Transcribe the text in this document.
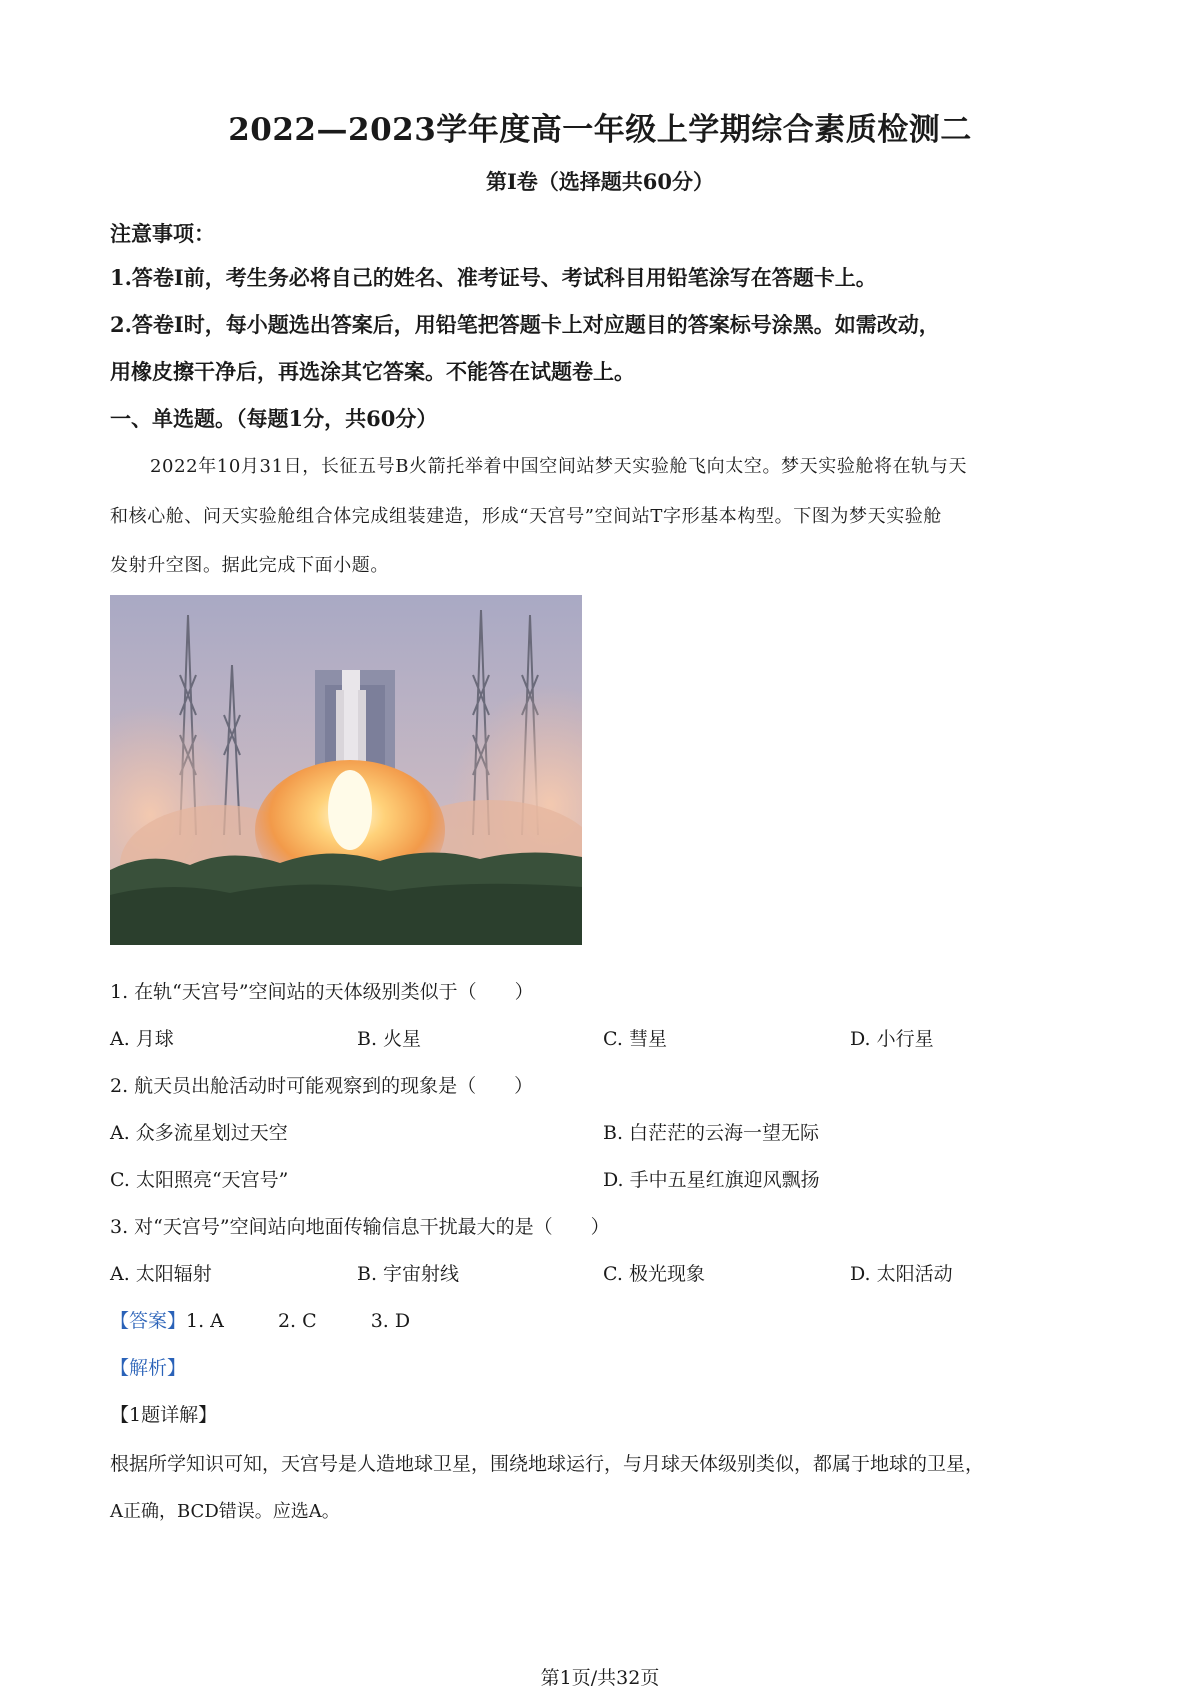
2022—2023学年度高一年级上学期综合素质检测二
第Ⅰ卷（选择题共60分）
注意事项：
1.答卷Ⅰ前，考生务必将自己的姓名、准考证号、考试科目用铅笔涂写在答题卡上。
2.答卷Ⅰ时，每小题选出答案后，用铅笔把答题卡上对应题目的答案标号涂黑。如需改动，
用橡皮擦干净后，再选涂其它答案。不能答在试题卷上。
一、单选题。（每题1分，共60分）
2022年10月31日，长征五号B火箭托举着中国空间站梦天实验舱飞向太空。梦天实验舱将在轨与天
和核心舱、问天实验舱组合体完成组装建造，形成“天宫号”空间站T字形基本构型。下图为梦天实验舱
发射升空图。据此完成下面小题。
1. 在轨“天宫号”空间站的天体级别类似于（　　）
A. 月球	B. 火星	C. 彗星	D. 小行星
2. 航天员出舱活动时可能观察到的现象是（　　）
A. 众多流星划过天空	B. 白茫茫的云海一望无际
C. 太阳照亮“天宫号”	D. 手中五星红旗迎风飘扬
3. 对“天宫号”空间站向地面传输信息干扰最大的是（　　）
A. 太阳辐射	B. 宇宙射线	C. 极光现象	D. 太阳活动
【答案】1. A	2. C	3. D
【解析】
【1题详解】
根据所学知识可知，天宫号是人造地球卫星，围绕地球运行，与月球天体级别类似，都属于地球的卫星，
A正确，BCD错误。应选A。
第1页/共32页
